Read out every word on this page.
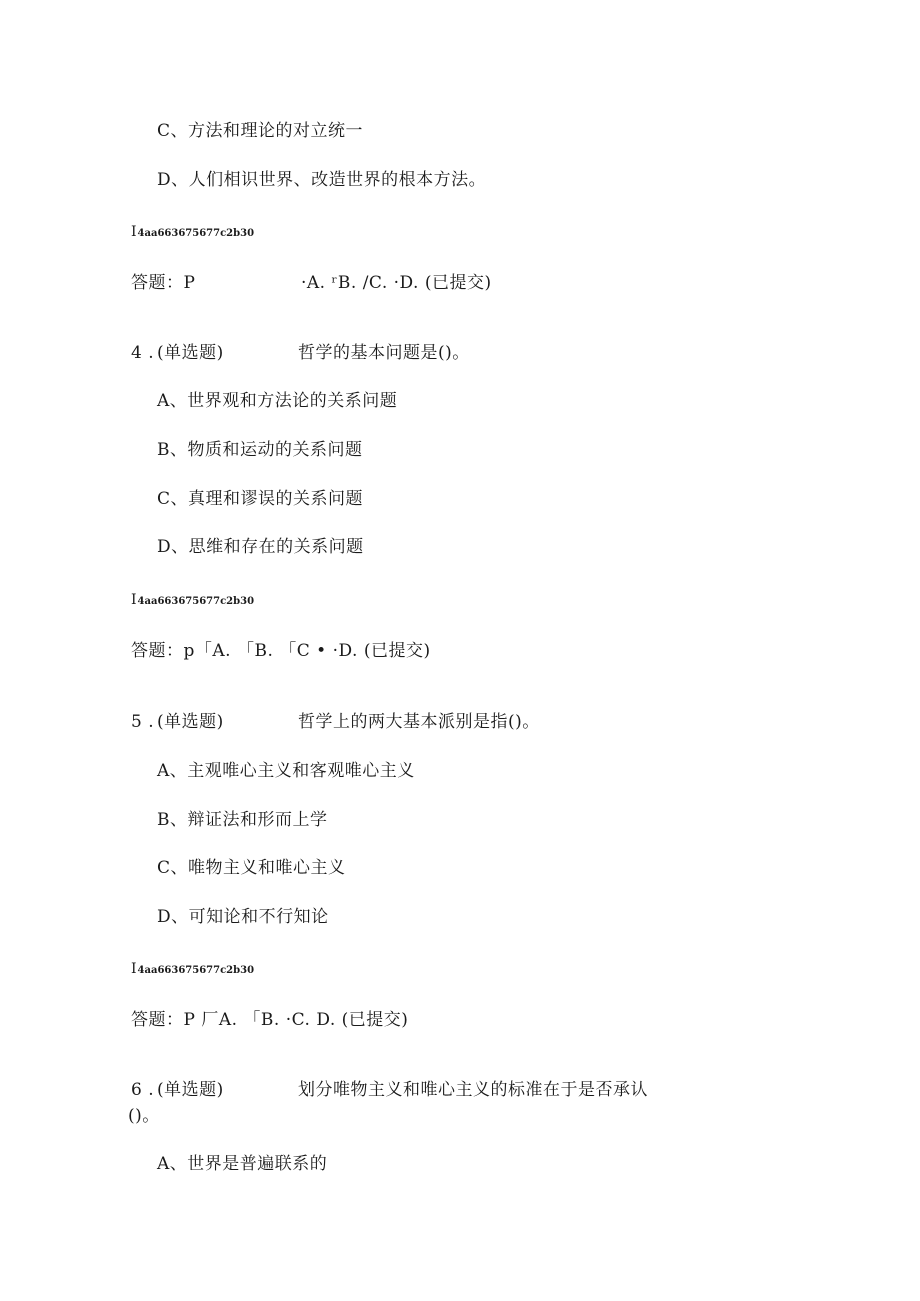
C、方法和理论的对立统一
D、人们相识世界、改造世界的根本方法。
I4aa663675677c2b30
答题：P	·A. ʳB. /C. ·D. (已提交)
4 . (单选题)	哲学的基本问题是()。
A、世界观和方法论的关系问题
B、物质和运动的关系问题
C、真理和谬误的关系问题
D、思维和存在的关系问题
I4aa663675677c2b30
答题：p「A. 「B. 「C • ·D. (已提交)
5 . (单选题)	哲学上的两大基本派别是指()。
A、主观唯心主义和客观唯心主义
B、辩证法和形而上学
C、唯物主义和唯心主义
D、可知论和不行知论
I4aa663675677c2b30
答题：P 厂A. 「B. ·C. D. (已提交)
6 . (单选题)	划分唯物主义和唯心主义的标准在于是否承认
()。
A、世界是普遍联系的
